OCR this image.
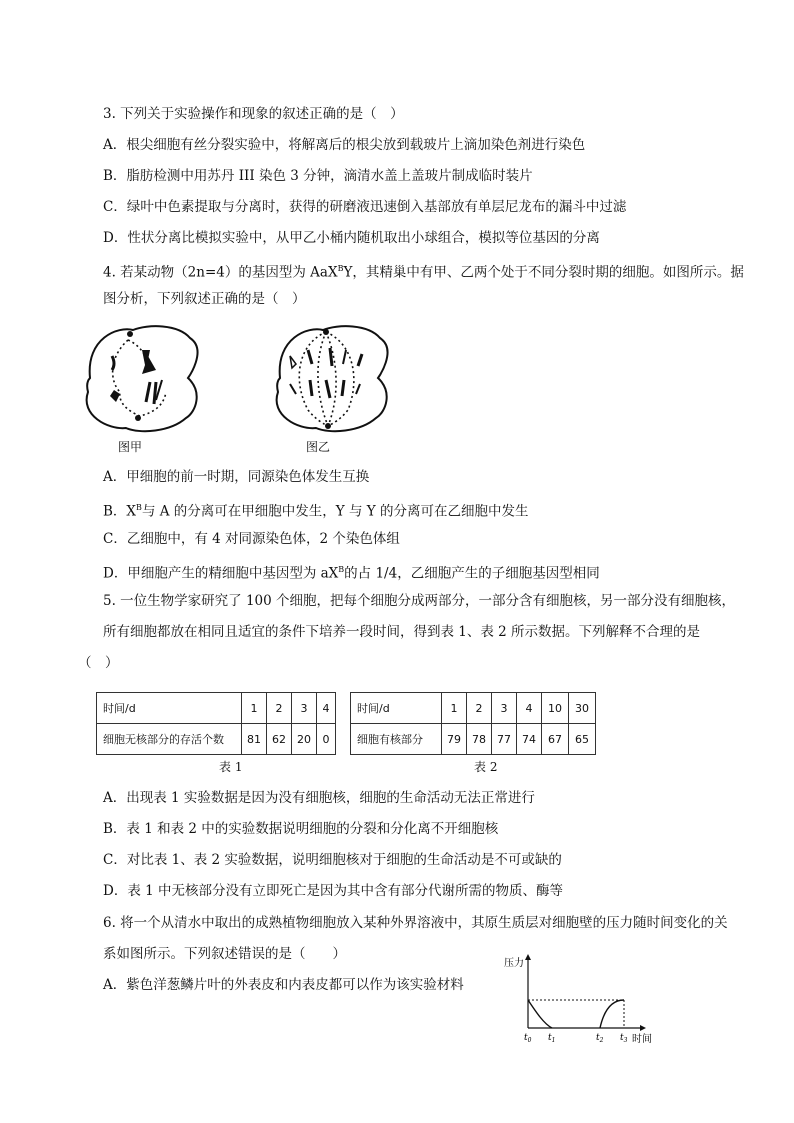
3. 下列关于实验操作和现象的叙述正确的是（　）
A．根尖细胞有丝分裂实验中，将解离后的根尖放到载玻片上滴加染色剂进行染色
B．脂肪检测中用苏丹 III 染色 3 分钟，滴清水盖上盖玻片制成临时装片
C．绿叶中色素提取与分离时，获得的研磨液迅速倒入基部放有单层尼龙布的漏斗中过滤
D．性状分离比模拟实验中，从甲乙小桶内随机取出小球组合，模拟等位基因的分离
4. 若某动物（2n=4）的基因型为 AaX$^B$Y，其精巢中有甲、乙两个处于不同分裂时期的细胞。如图所示。据
图分析，下列叙述正确的是（　）
图甲	图乙
A．甲细胞的前一时期，同源染色体发生互换
B．$X^B$与 A 的分离可在甲细胞中发生，Y 与 Y 的分离可在乙细胞中发生
C．乙细胞中，有 4 对同源染色体，2 个染色体组
D．甲细胞产生的精细胞中基因型为 $aX^B$的占 1/4，乙细胞产生的子细胞基因型相同
5. 一位生物学家研究了 100 个细胞，把每个细胞分成两部分，一部分含有细胞核，另一部分没有细胞核，
所有细胞都放在相同且适宜的条件下培养一段时间，得到表 1、表 2 所示数据。下列解释不合理的是
（　）
时间/d	1	2	3	4
细胞无核部分的存活个数	81	62	20	0
表 1
时间/d	1	2	3	4	10	30
细胞有核部分	79	78	77	74	67	65
表 2
A．出现表 1 实验数据是因为没有细胞核，细胞的生命活动无法正常进行
B．表 1 和表 2 中的实验数据说明细胞的分裂和分化离不开细胞核
C．对比表 1、表 2 实验数据，说明细胞核对于细胞的生命活动是不可或缺的
D．表 1 中无核部分没有立即死亡是因为其中含有部分代谢所需的物质、酶等
6. 将一个从清水中取出的成熟植物细胞放入某种外界溶液中，其原生质层对细胞壁的压力随时间变化的关
系如图所示。下列叙述错误的是（　　）
A．紫色洋葱鳞片叶的外表皮和内表皮都可以作为该实验材料
压力
时间
$t_0$ $t_1$	$t_2$ $t_3$
